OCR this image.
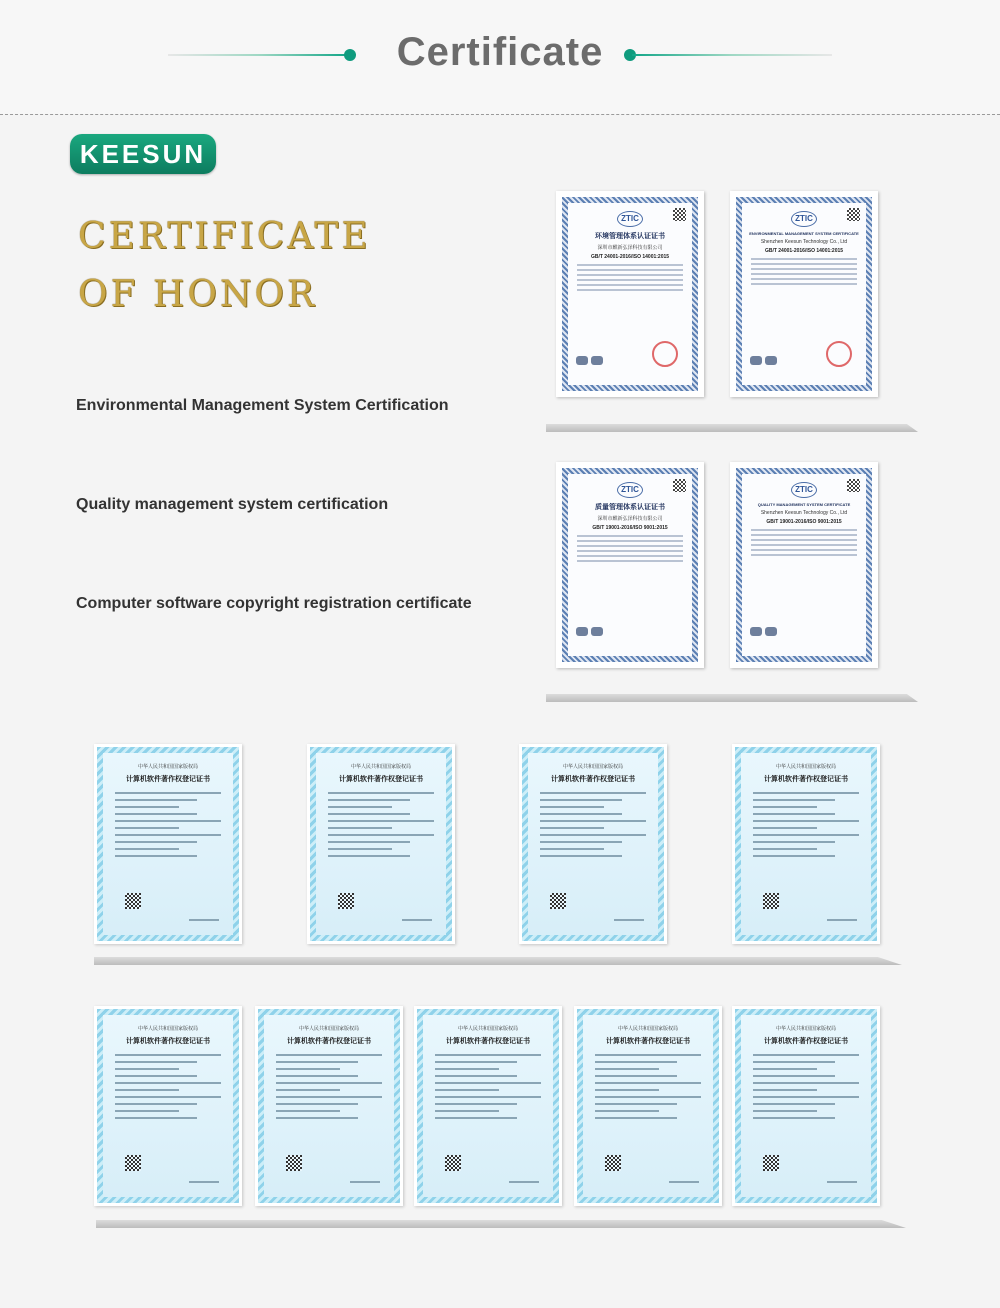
Certificate
KEESUN
CERTIFICATE
OF HONOR
Environmental Management System Certification
Quality management system certification
Computer software copyright registration certificate
ZTIC
环境管理体系认证证书
深圳市麒新弘泽科技有限公司
GB/T 24001-2016/ISO 14001:2015
ZTIC
ENVIRONMENTAL MANAGEMENT SYSTEM CERTIFICATE
Shenzhen Keesun Technology Co., Ltd
GB/T 24001-2016/ISO 14001:2015
ZTIC
质量管理体系认证证书
深圳市麒新弘泽科技有限公司
GB/T 19001-2016/ISO 9001:2015
ZTIC
QUALITY MANAGEMENT SYSTEM CERTIFICATE
Shenzhen Keesun Technology Co., Ltd
GB/T 19001-2016/ISO 9001:2015
中华人民共和国国家版权局
计算机软件著作权登记证书
中华人民共和国国家版权局
计算机软件著作权登记证书
中华人民共和国国家版权局
计算机软件著作权登记证书
中华人民共和国国家版权局
计算机软件著作权登记证书
中华人民共和国国家版权局
计算机软件著作权登记证书
中华人民共和国国家版权局
计算机软件著作权登记证书
中华人民共和国国家版权局
计算机软件著作权登记证书
中华人民共和国国家版权局
计算机软件著作权登记证书
中华人民共和国国家版权局
计算机软件著作权登记证书
